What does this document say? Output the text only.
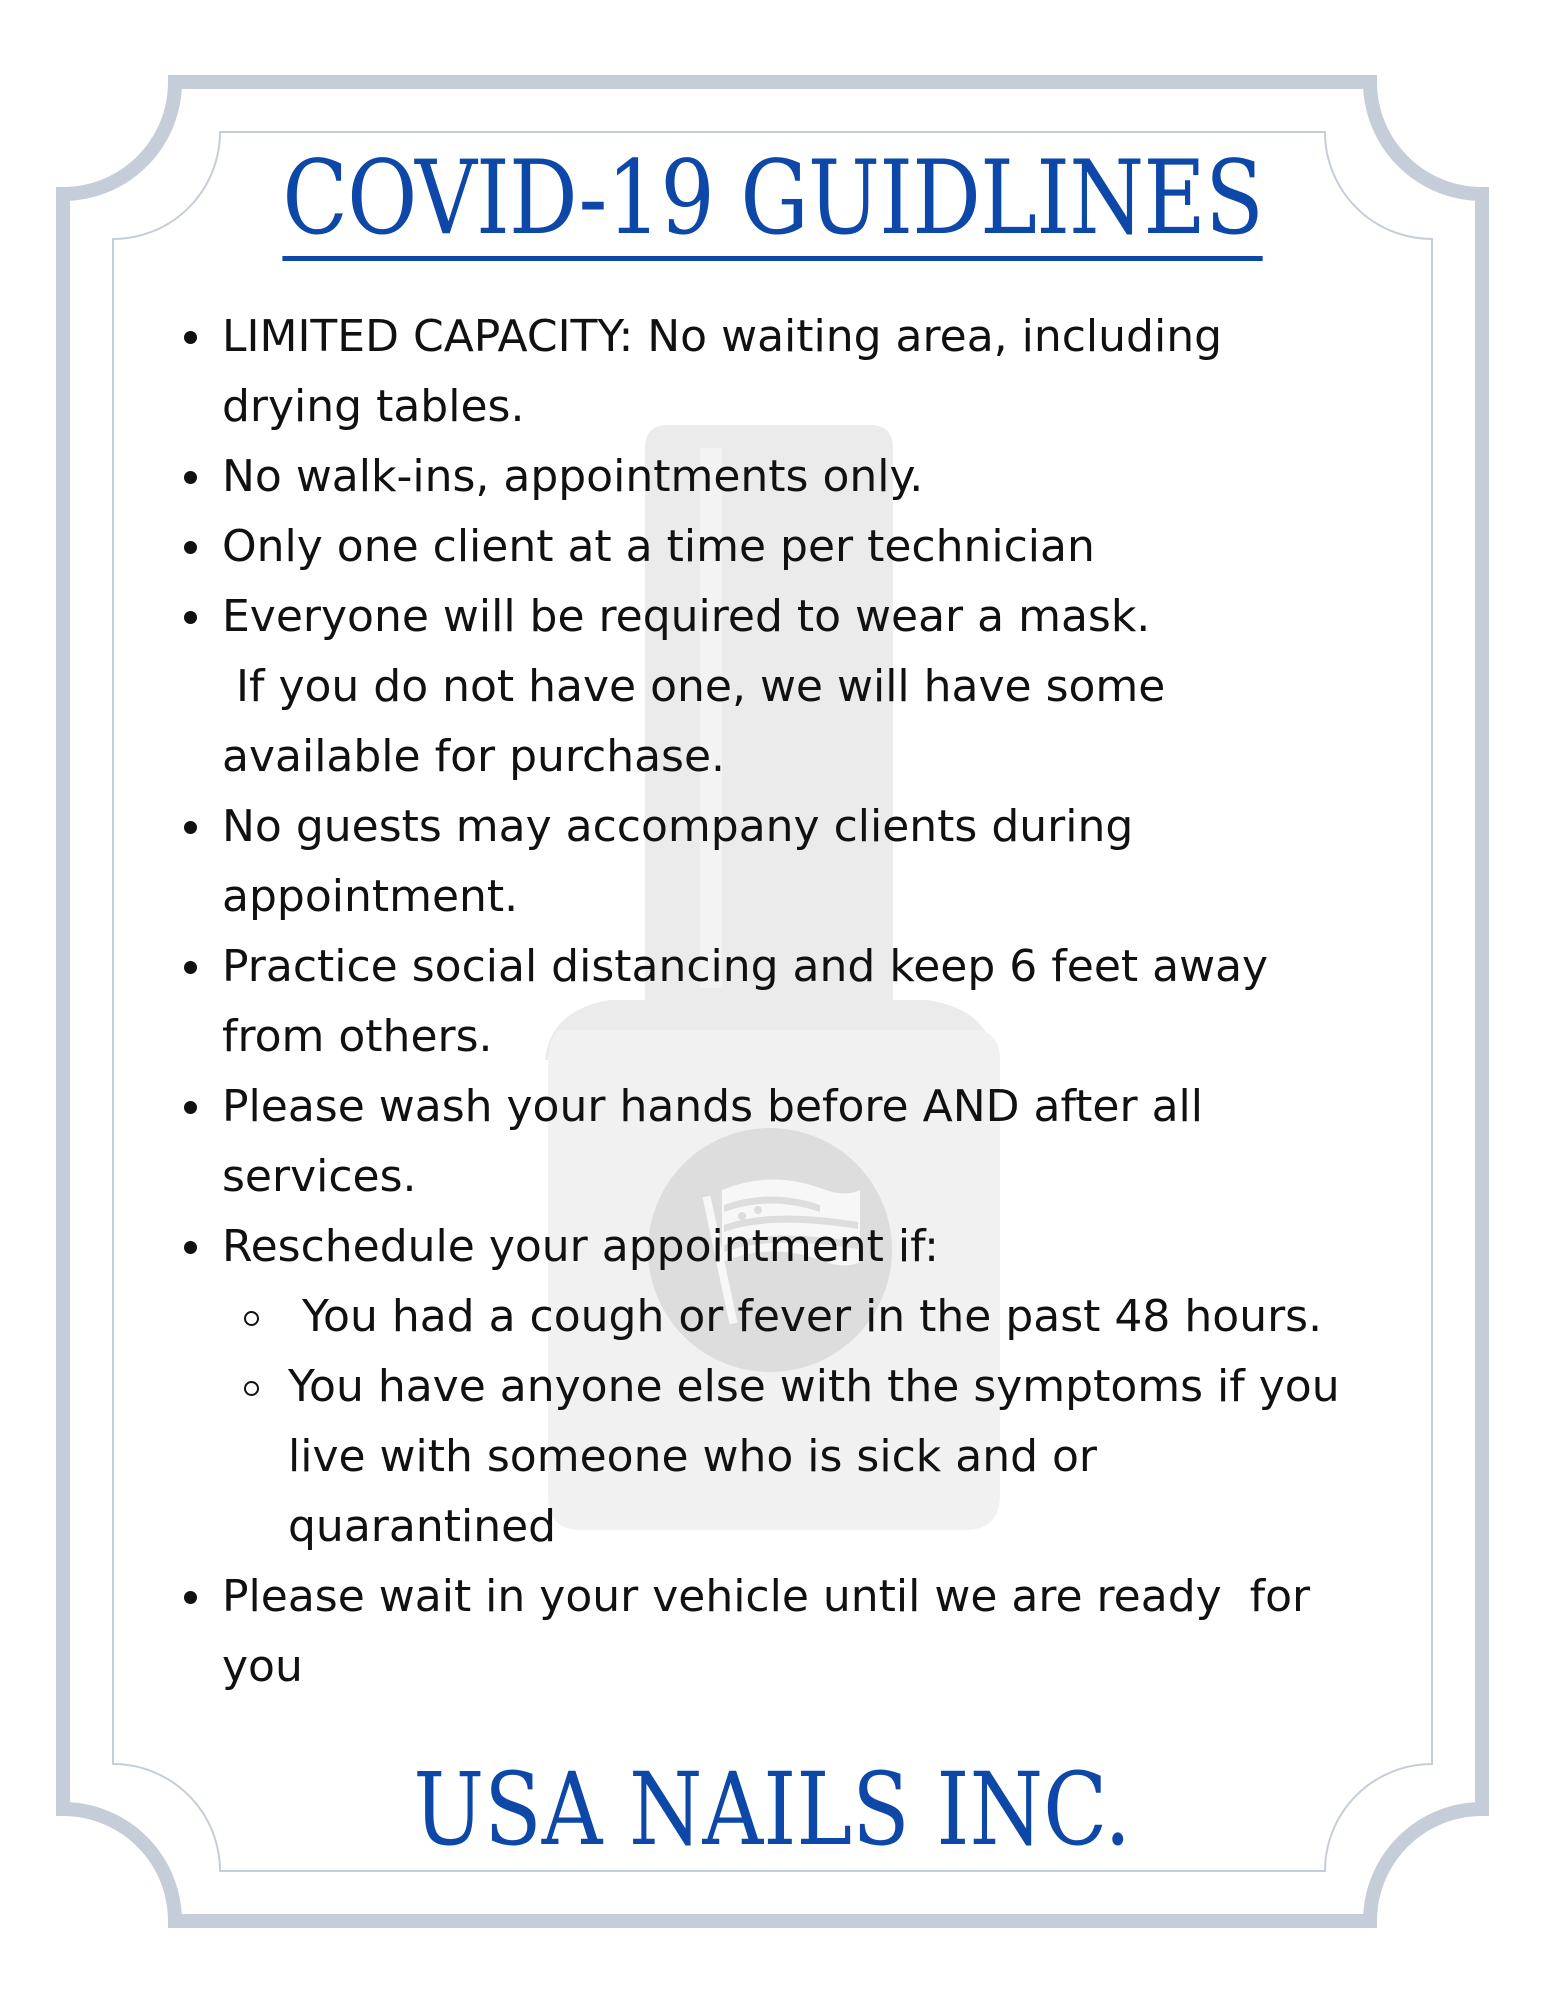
COVID-19 GUIDLINES
LIMITED CAPACITY: No waiting area, including
drying tables.
No walk-ins, appointments only.
Only one client at a time per technician
Everyone will be required to wear a mask.
If you do not have one, we will have some
available for purchase.
No guests may accompany clients during
appointment.
Practice social distancing and keep 6 feet away
from others.
Please wash your hands before AND after all
services.
Reschedule your appointment if:
You had a cough or fever in the past 48 hours.
You have anyone else with the symptoms if you
live with someone who is sick and or
quarantined
Please wait in your vehicle until we are ready  for
you
USA NAILS INC.
